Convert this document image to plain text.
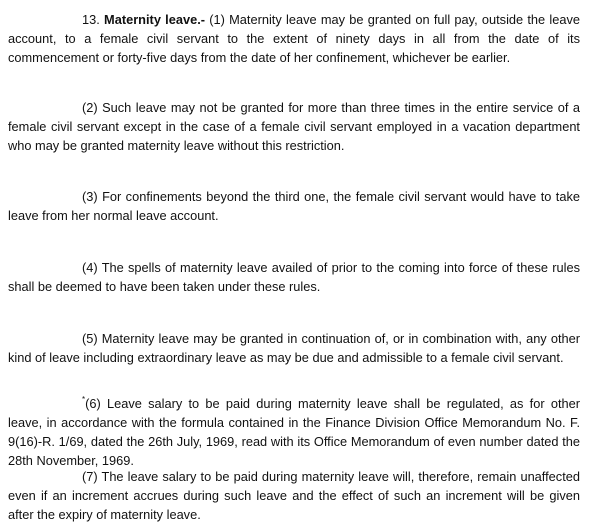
13. Maternity leave.- (1) Maternity leave may be granted on full pay, outside the leave account, to a female civil servant to the extent of ninety days in all from the date of its commencement or forty-five days from the date of her confinement, whichever be earlier.

(2) Such leave may not be granted for more than three times in the entire service of a female civil servant except in the case of a female civil servant employed in a vacation department who may be granted maternity leave without this restriction.

(3) For confinements beyond the third one, the female civil servant would have to take leave from her normal leave account.

(4) The spells of maternity leave availed of prior to the coming into force of these rules shall be deemed to have been taken under these rules.

(5) Maternity leave may be granted in continuation of, or in combination with, any other kind of leave including extraordinary leave as may be due and admissible to a female civil servant.

*(6) Leave salary to be paid during maternity leave shall be regulated, as for other leave, in accordance with the formula contained in the Finance Division Office Memorandum No. F. 9(16)-R. 1/69, dated the 26th July, 1969, read with its Office Memorandum of even number dated the 28th November, 1969.

(7) The leave salary to be paid during maternity leave will, therefore, remain unaffected even if an increment accrues during such leave and the effect of such an increment will be given after the expiry of maternity leave.
